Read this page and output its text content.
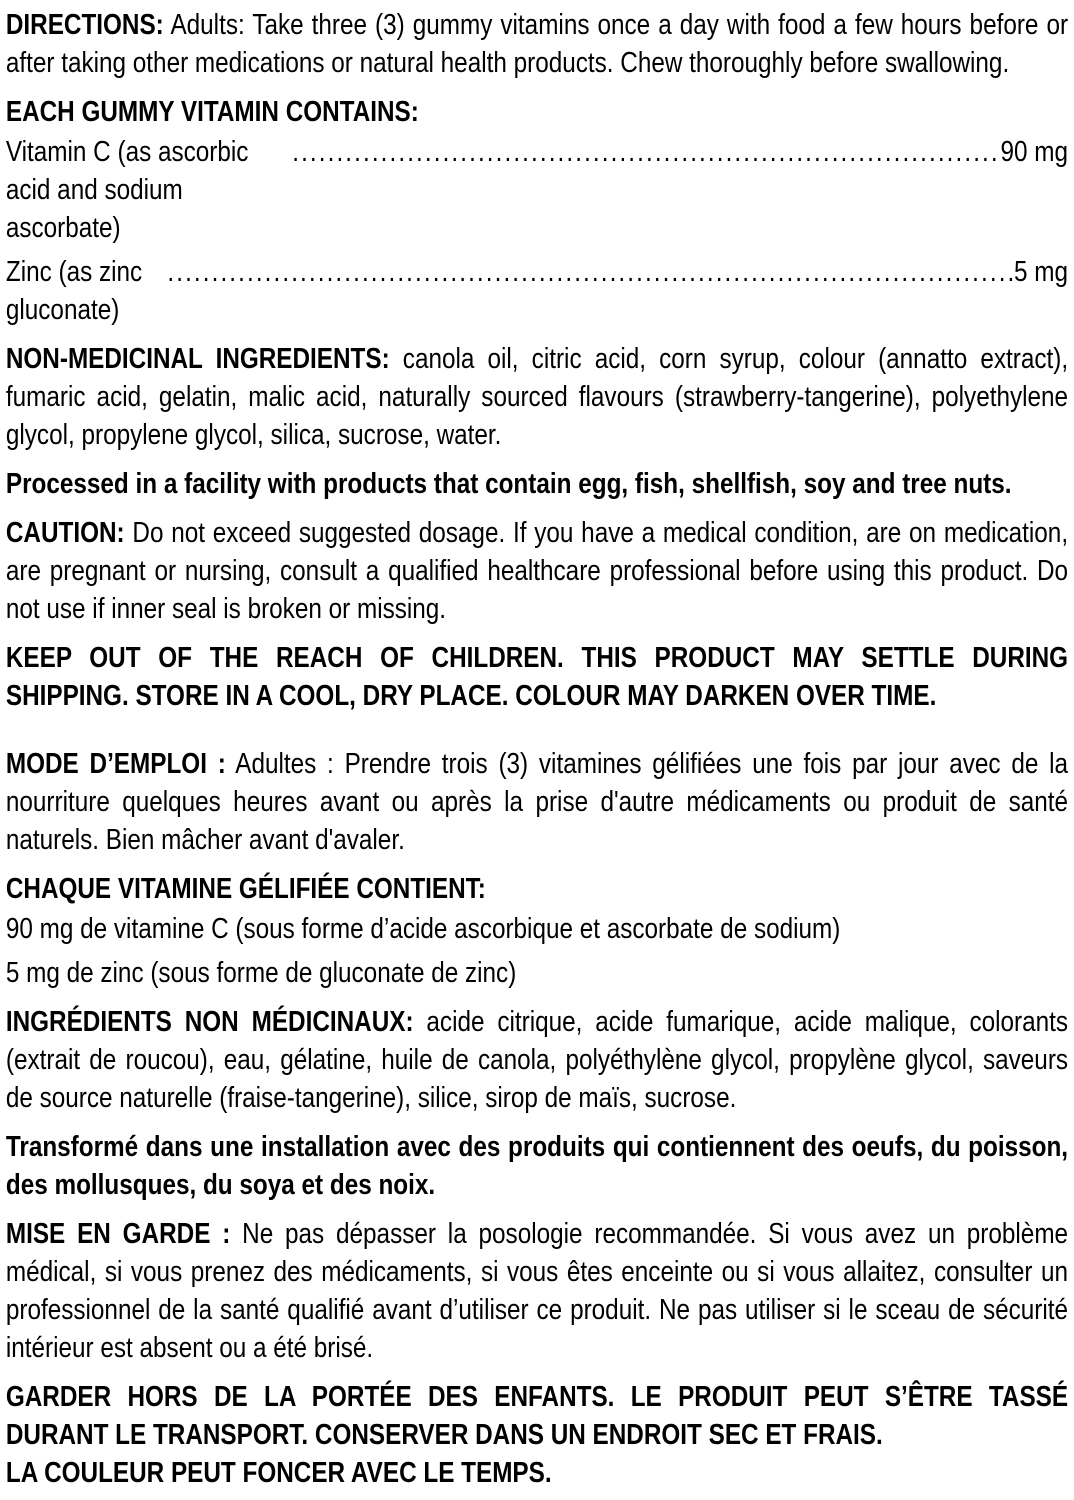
DIRECTIONS: Adults: Take three (3) gummy vitamins once a day with food a few hours before or after taking other medications or natural health products. Chew thoroughly before swallowing.

EACH GUMMY VITAMIN CONTAINS:

Vitamin C (as ascorbic acid and sodium ascorbate)
.....
90 mg
Zinc (as zinc gluconate)
.....
5 mg

NON-MEDICINAL INGREDIENTS: canola oil, citric acid, corn syrup, colour (annatto extract), fumaric acid, gelatin, malic acid, naturally sourced flavours (strawberry-tangerine), polyethylene glycol, propylene glycol, silica, sucrose, water.

Processed in a facility with products that contain egg, fish, shellfish, soy and tree nuts.

CAUTION: Do not exceed suggested dosage. If you have a medical condition, are on medication, are pregnant or nursing, consult a qualified healthcare professional before using this product. Do not use if inner seal is broken or missing.

KEEP OUT OF THE REACH OF CHILDREN. THIS PRODUCT MAY SETTLE DURING SHIPPING. STORE IN A COOL, DRY PLACE. COLOUR MAY DARKEN OVER TIME.

MODE D’EMPLOI : Adultes : Prendre trois (3) vitamines gélifiées une fois par jour avec de la nourriture quelques heures avant ou après la prise d'autre médicaments ou produit de santé naturels. Bien mâcher avant d'avaler.

CHAQUE VITAMINE GÉLIFIÉE CONTIENT:

90 mg de vitamine C (sous forme d’acide ascorbique et ascorbate de sodium)

5 mg de zinc (sous forme de gluconate de zinc)

INGRÉDIENTS NON MÉDICINAUX: acide citrique, acide fumarique, acide malique, colorants (extrait de roucou), eau, gélatine, huile de canola, polyéthylène glycol, propylène glycol, saveurs de source naturelle (fraise-tangerine), silice, sirop de maïs, sucrose.

Transformé dans une installation avec des produits qui contiennent des oeufs, du poisson, des mollusques, du soya et des noix.

MISE EN GARDE : Ne pas dépasser la posologie recommandée. Si vous avez un problème médical, si vous prenez des médicaments, si vous êtes enceinte ou si vous allaitez, consulter un professionnel de la santé qualifié avant d’utiliser ce produit. Ne pas utiliser si le sceau de sécurité intérieur est absent ou a été brisé.

GARDER HORS DE LA PORTÉE DES ENFANTS. LE PRODUIT PEUT S’ÊTRE TASSÉ DURANT LE TRANSPORT. CONSERVER DANS UN ENDROIT SEC ET FRAIS.
LA COULEUR PEUT FONCER AVEC LE TEMPS.
